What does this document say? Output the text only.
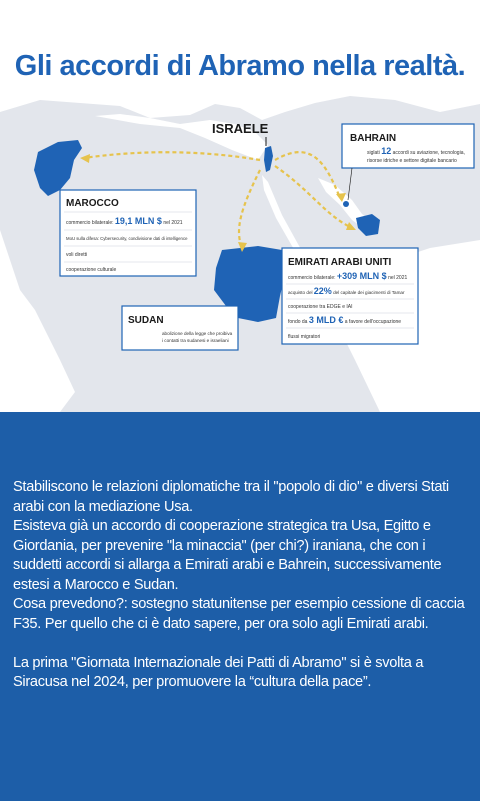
ISRAELE
BAHRAIN
siglati 12 accordi su aviazione, tecnologia,
risorse idriche e settore digitale bancario
MAROCCO
commercio bilaterale: 19,1 MLN $ nel 2021
MoU sulla difesa: Cybersecurity, condivisione dati di intelligence
voli diretti
cooperazione culturale
EMIRATI ARABI UNITI
commercio bilaterale: +309 MLN $ nel 2021
acquisto del 22% del capitale dei giacimenti di Tamar
cooperazione tra EDGE e IAI
fondo da 3 MLD € a favore dell'occupazione
flussi migratori
SUDAN
abolizione della legge che proibiva
i contatti tra sudanesi e israeliani
Gli accordi di Abramo nella realtà.

Stabiliscono le relazioni diplomatiche tra il "popolo di dio" e diversi Stati arabi con la mediazione Usa.

Esisteva già un accordo di cooperazione strategica tra Usa, Egitto e Giordania, per prevenire "la minaccia" (per chi?) iraniana, che con i suddetti accordi si allarga a Emirati arabi e Bahrein, successivamente estesi a Marocco e Sudan.

Cosa prevedono?: sostegno statunitense per esempio cessione di caccia F35. Per quello che ci è dato sapere, per ora solo agli Emirati arabi.

La prima "Giornata Internazionale dei Patti di Abramo" si è svolta a Siracusa nel 2024, per promuovere la “cultura della pace”.
